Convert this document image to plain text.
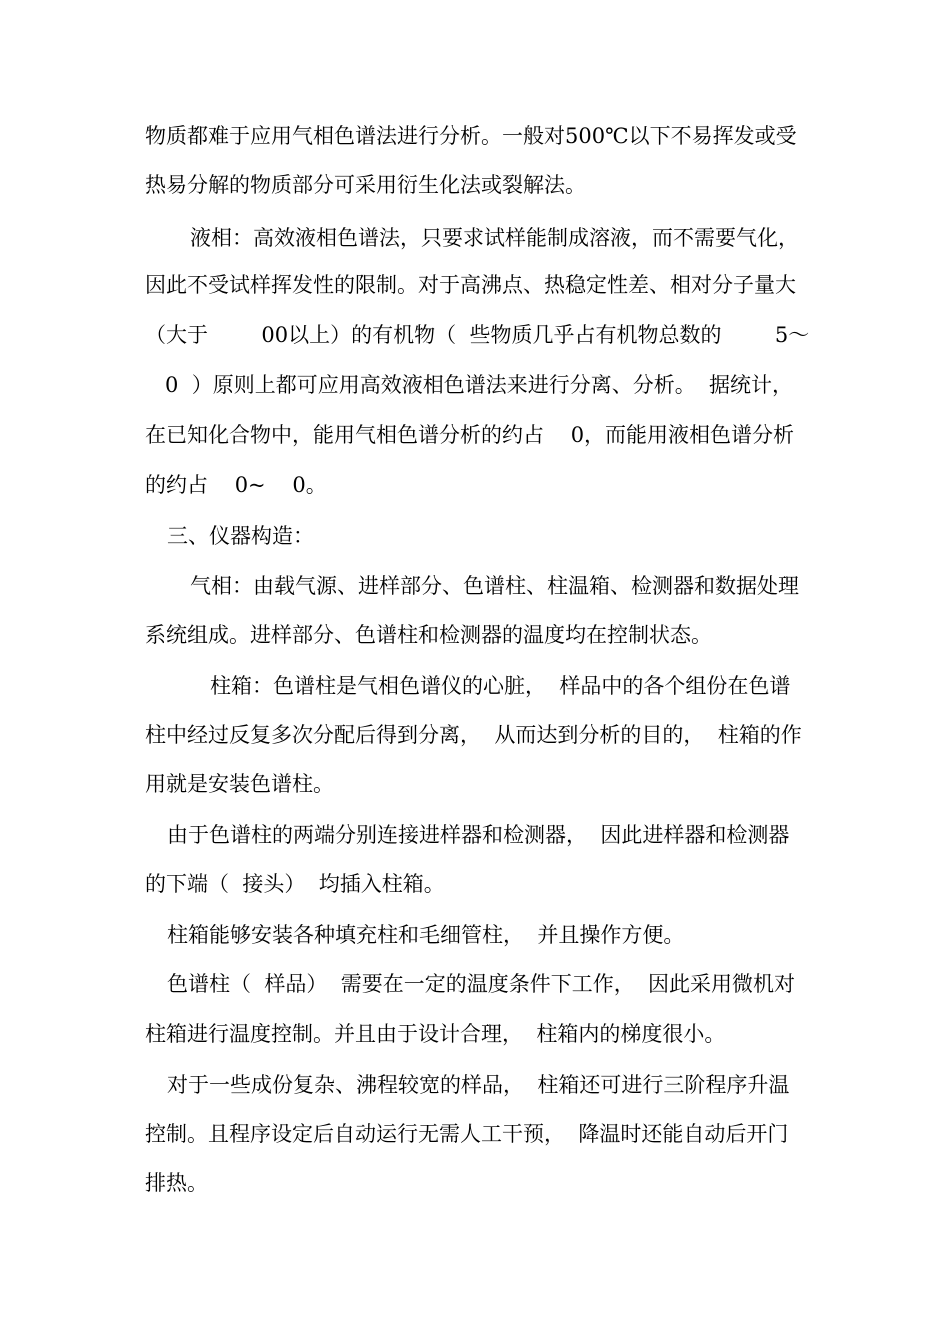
物质都难于应用气相色谱法进行分析。一般对500℃以下不易挥发或受
热易分解的物质部分可采用衍生化法或裂解法。
液相：高效液相色谱法，只要求试样能制成溶液，而不需要气化，
因此不受试样挥发性的限制。对于高沸点、热稳定性差、相对分子量大
（大于        00以上）的有机物（  些物质几乎占有机物总数的        5～
0  ）原则上都可应用高效液相色谱法来进行分离、分析。  据统计，
在已知化合物中，能用气相色谱分析的约占    0，而能用液相色谱分析
的约占    0~    0。
三、仪器构造：
气相：由载气源、进样部分、色谱柱、柱温箱、检测器和数据处理
系统组成。进样部分、色谱柱和检测器的温度均在控制状态。
柱箱：色谱柱是气相色谱仪的心脏，  样品中的各个组份在色谱
柱中经过反复多次分配后得到分离，  从而达到分析的目的，  柱箱的作
用就是安装色谱柱。
由于色谱柱的两端分别连接进样器和检测器，  因此进样器和检测器
的下端（  接头）  均插入柱箱。
柱箱能够安装各种填充柱和毛细管柱，  并且操作方便。
色谱柱（  样品）  需要在一定的温度条件下工作，  因此采用微机对
柱箱进行温度控制。并且由于设计合理，  柱箱内的梯度很小。
对于一些成份复杂、沸程较宽的样品，  柱箱还可进行三阶程序升温
控制。且程序设定后自动运行无需人工干预，  降温时还能自动后开门
排热。
